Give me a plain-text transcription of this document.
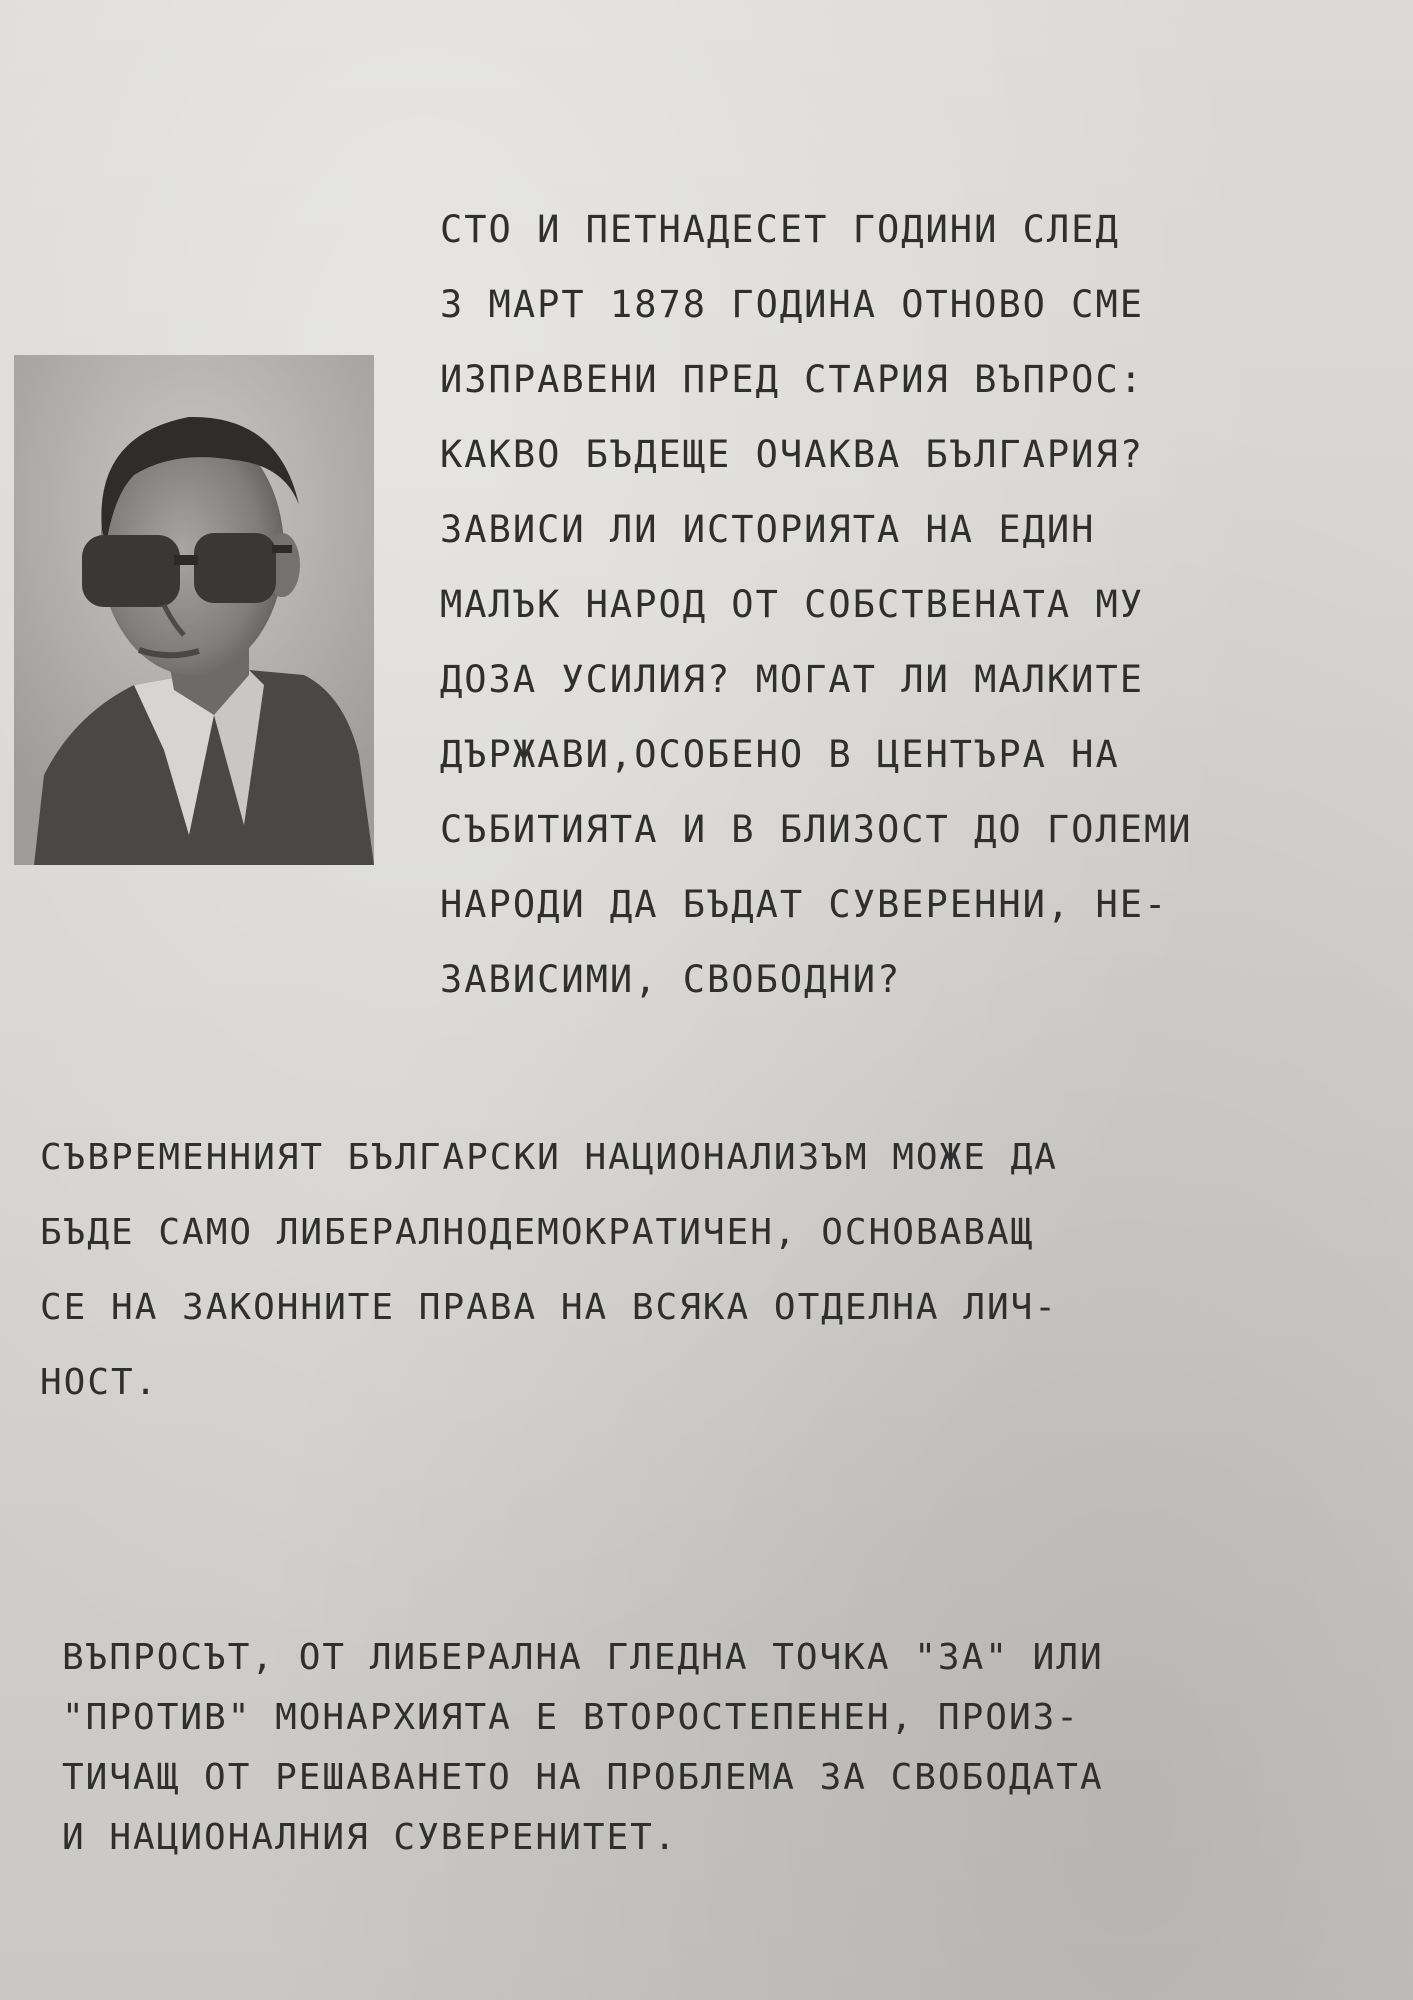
СТО И ПЕТНАДЕСЕТ ГОДИНИ СЛЕД
3 МАРТ 1878 ГОДИНА ОТНОВО СМЕ
ИЗПРАВЕНИ ПРЕД СТАРИЯ ВЪПРОС:
КАКВО БЪДЕЩЕ ОЧАКВА БЪЛГАРИЯ?
ЗАВИСИ ЛИ ИСТОРИЯТА НА ЕДИН
МАЛЪК НАРОД ОТ СОБСТВЕНАТА МУ
ДОЗА УСИЛИЯ? МОГАТ ЛИ МАЛКИТЕ
ДЪРЖАВИ,ОСОБЕНО В ЦЕНТЪРА НА
СЪБИТИЯТА И В БЛИЗОСТ ДО ГОЛЕМИ
НАРОДИ ДА БЪДАТ СУВЕРЕННИ, НЕ-
ЗАВИСИМИ, СВОБОДНИ?
СЪВРЕМЕННИЯТ БЪЛГАРСКИ НАЦИОНАЛИЗЪМ МОЖЕ ДА
БЪДЕ САМО ЛИБЕРАЛНОДЕМОКРАТИЧЕН, ОСНОВАВАЩ
СЕ НА ЗАКОННИТЕ ПРАВА НА ВСЯКА ОТДЕЛНА ЛИЧ-
НОСТ.
ВЪПРОСЪТ, ОТ ЛИБЕРАЛНА ГЛЕДНА ТОЧКА "ЗА" ИЛИ
"ПРОТИВ" МОНАРХИЯТА Е ВТОРОСТЕПЕНЕН, ПРОИЗ-
ТИЧАЩ ОТ РЕШАВАНЕТО НА ПРОБЛЕМА ЗА СВОБОДАТА
И НАЦИОНАЛНИЯ СУВЕРЕНИТЕТ.
